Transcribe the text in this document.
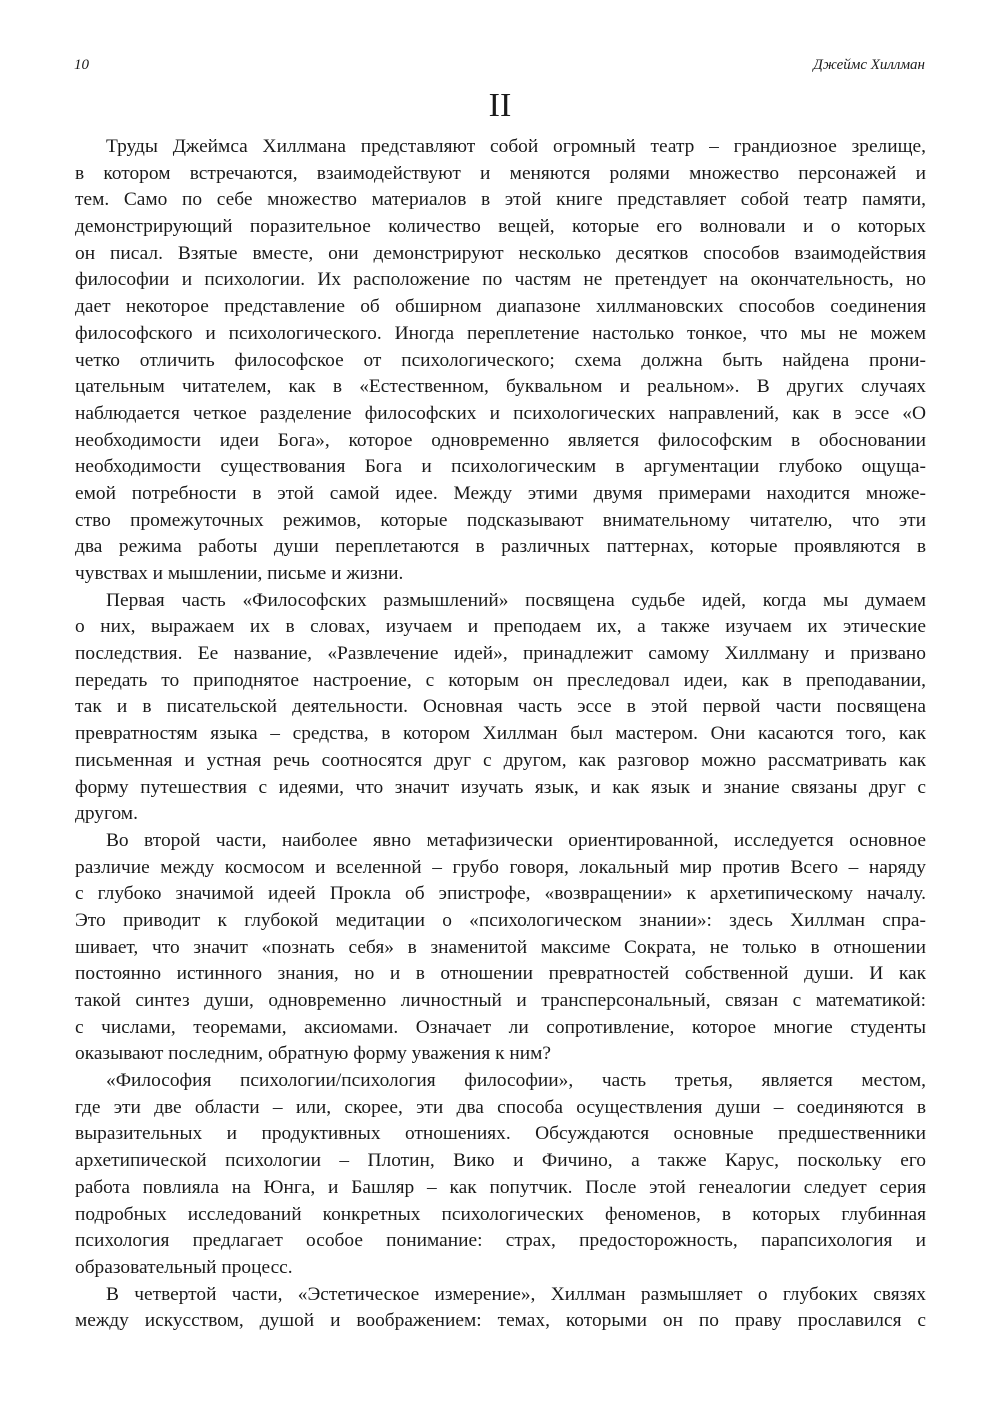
10	Джеймс Хиллман
II
Труды Джеймса Хиллмана представляют собой огромный театр – грандиозное зрелище,
в котором встречаются, взаимодействуют и меняются ролями множество персонажей и
тем. Само по себе множество материалов в этой книге представляет собой театр памяти,
демонстрирующий поразительное количество вещей, которые его волновали и о которых
он писал. Взятые вместе, они демонстрируют несколько десятков способов взаимодействия
философии и психологии. Их расположение по частям не претендует на окончательность, но
дает некоторое представление об обширном диапазоне хиллмановских способов соединения
философского и психологического. Иногда переплетение настолько тонкое, что мы не можем
четко отличить философское от психологического; схема должна быть найдена прони-
цательным читателем, как в «Естественном, буквальном и реальном». В других случаях
наблюдается четкое разделение философских и психологических направлений, как в эссе «О
необходимости идеи Бога», которое одновременно является философским в обосновании
необходимости существования Бога и психологическим в аргументации глубоко ощуща-
емой потребности в этой самой идее. Между этими двумя примерами находится множе-
ство промежуточных режимов, которые подсказывают внимательному читателю, что эти
два режима работы души переплетаются в различных паттернах, которые проявляются в
чувствах и мышлении, письме и жизни.
Первая часть «Философских размышлений» посвящена судьбе идей, когда мы думаем
о них, выражаем их в словах, изучаем и преподаем их, а также изучаем их этические
последствия. Ее название, «Развлечение идей», принадлежит самому Хиллману и призвано
передать то приподнятое настроение, с которым он преследовал идеи, как в преподавании,
так и в писательской деятельности. Основная часть эссе в этой первой части посвящена
превратностям языка – средства, в котором Хиллман был мастером. Они касаются того, как
письменная и устная речь соотносятся друг с другом, как разговор можно рассматривать как
форму путешествия с идеями, что значит изучать язык, и как язык и знание связаны друг с
другом.
Во второй части, наиболее явно метафизически ориентированной, исследуется основное
различие между космосом и вселенной – грубо говоря, локальный мир против Всего – наряду
с глубоко значимой идеей Прокла об эпистрофе, «возвращении» к архетипическому началу.
Это приводит к глубокой медитации о «психологическом знании»: здесь Хиллман спра-
шивает, что значит «познать себя» в знаменитой максиме Сократа, не только в отношении
постоянно истинного знания, но и в отношении превратностей собственной души. И как
такой синтез души, одновременно личностный и трансперсональный, связан с математикой:
с числами, теоремами, аксиомами. Означает ли сопротивление, которое многие студенты
оказывают последним, обратную форму уважения к ним?
«Философия психологии/психология философии», часть третья, является местом,
где эти две области – или, скорее, эти два способа осуществления души – соединяются в
выразительных и продуктивных отношениях. Обсуждаются основные предшественники
архетипической психологии – Плотин, Вико и Фичино, а также Карус, поскольку его
работа повлияла на Юнга, и Башляр – как попутчик. После этой генеалогии следует серия
подробных исследований конкретных психологических феноменов, в которых глубинная
психология предлагает особое понимание: страх, предосторожность, парапсихология и
образовательный процесс.
В четвертой части, «Эстетическое измерение», Хиллман размышляет о глубоких связях
между искусством, душой и воображением: темах, которыми он по праву прославился с
